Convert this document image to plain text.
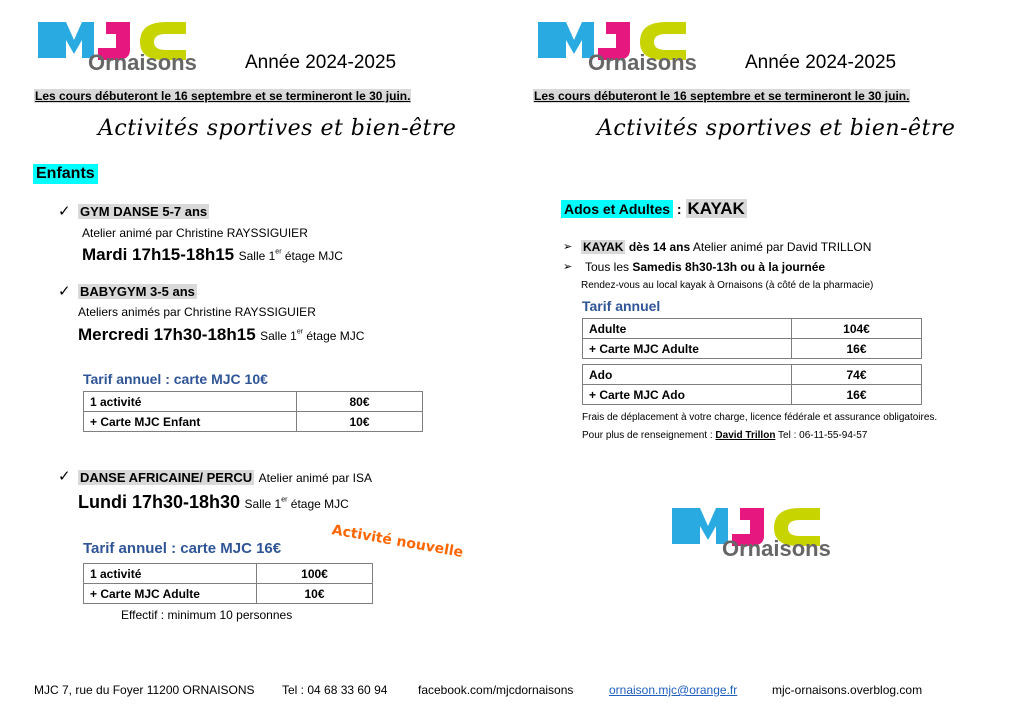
Ornaisons	Année 2024-2025
Les cours débuteront le 16 septembre et se termineront le 30 juin.
Activités sportives et bien-être
Enfants
✓ GYM DANSE 5-7 ans
Atelier animé par Christine RAYSSIGUIER
Mardi 17h15-18h15 Salle 1er étage MJC
✓ BABYGYM 3-5 ans
Ateliers animés par Christine RAYSSIGUIER
Mercredi 17h30-18h15 Salle 1er étage MJC
Tarif annuel : carte MJC 10€
1 activité	80€
+ Carte MJC Enfant	10€
✓ DANSE AFRICAINE/ PERCU Atelier animé par ISA
Lundi 17h30-18h30 Salle 1er étage MJC
Tarif annuel : carte MJC 16€	Activité nouvelle
1 activité	100€
+ Carte MJC Adulte	10€
Effectif : minimum 10 personnes
Ornaisons	Année 2024-2025
Les cours débuteront le 16 septembre et se termineront le 30 juin.
Activités sportives et bien-être
Ados et Adultes : KAYAK
➢ KAYAK dès 14 ans Atelier animé par David TRILLON
➢ Tous les Samedis 8h30-13h ou à la journée
Rendez-vous au local kayak à Ornaisons (à côté de la pharmacie)
Tarif annuel
Adulte	104€
+ Carte MJC Adulte	16€
Ado	74€
+ Carte MJC Ado	16€
Frais de déplacement à votre charge, licence fédérale et assurance obligatoires.
Pour plus de renseignement : David Trillon Tel : 06-11-55-94-57
Ornaisons
MJC 7, rue du Foyer 11200 ORNAISONS Tel : 04 68 33 60 94	facebook.com/mjcdornaisons	ornaison.mjc@orange.fr	mjc-ornaisons.overblog.com
